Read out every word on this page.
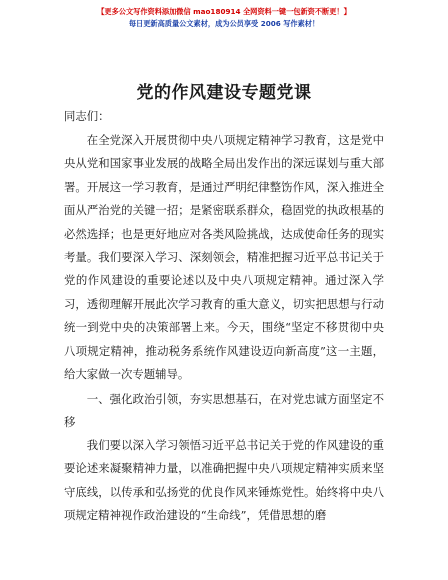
【更多公文写作资料添加微信 mao180914 全网资料一键一包新资不断更！】
每日更新高质量公文素材，成为公员享受 2006 写作素材！
党的作风建设专题党课
同志们：
在全党深入开展贯彻中央八项规定精神学习教育，这是党中央从党和国家事业发展的战略全局出发作出的深远谋划与重大部署。开展这一学习教育，是通过严明纪律整饬作风，深入推进全面从严治党的关键一招；是紧密联系群众，稳固党的执政根基的必然选择；也是更好地应对各类风险挑战，达成使命任务的现实考量。我们要深入学习、深刻领会，精准把握习近平总书记关于党的作风建设的重要论述以及中央八项规定精神。通过深入学习，透彻理解开展此次学习教育的重大意义，切实把思想与行动统一到党中央的决策部署上来。今天，围绕“坚定不移贯彻中央八项规定精神，推动税务系统作风建设迈向新高度”这一主题，给大家做一次专题辅导。
一、强化政治引领，夯实思想基石，在对党忠诚方面坚定不移
我们要以深入学习领悟习近平总书记关于党的作风建设的重要论述来凝聚精神力量，以准确把握中央八项规定精神实质来坚守底线，以传承和弘扬党的优良作风来锤炼党性。始终将中央八项规定精神视作政治建设的“生命线”，凭借思想的磨
